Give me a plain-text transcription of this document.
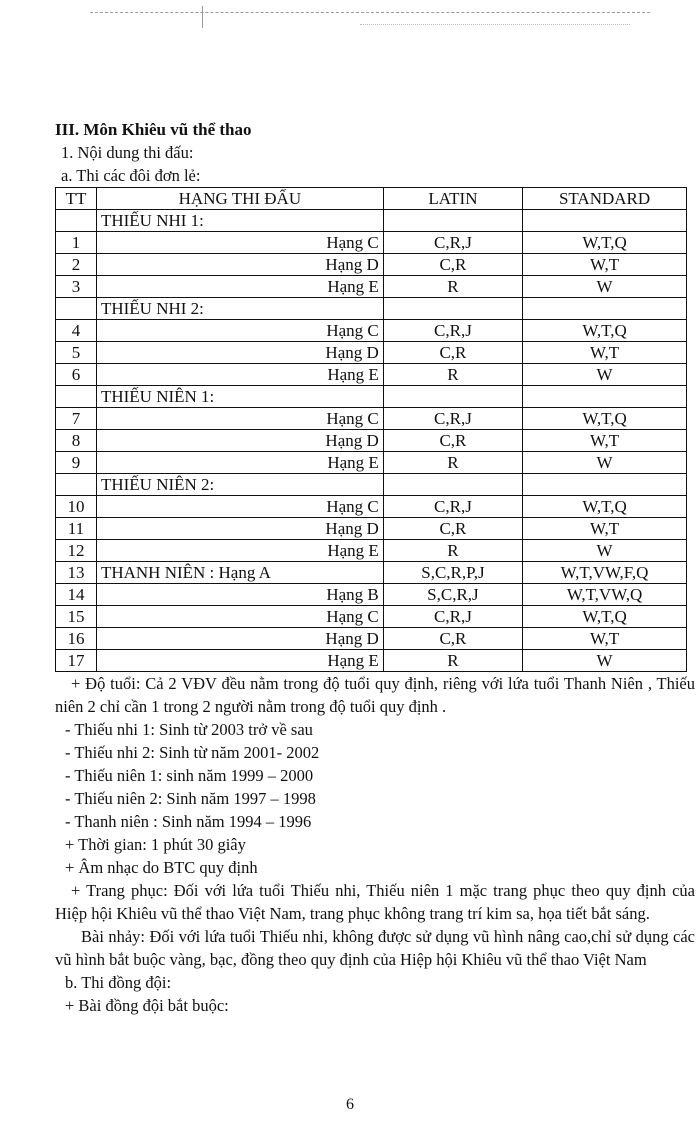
III. Môn Khiêu vũ thể thao
1. Nội dung thi đấu:
a. Thi các đôi đơn lẻ:
TT	HẠNG THI ĐẤU	LATIN	STANDARD
	THIẾU NHI 1:		
1	Hạng C	C,R,J	W,T,Q
2	Hạng D	C,R	W,T
3	Hạng E	R	W
	THIẾU NHI 2:		
4	Hạng C	C,R,J	W,T,Q
5	Hạng D	C,R	W,T
6	Hạng E	R	W
	THIẾU NIÊN 1:		
7	Hạng C	C,R,J	W,T,Q
8	Hạng D	C,R	W,T
9	Hạng E	R	W
	THIẾU NIÊN 2:		
10	Hạng C	C,R,J	W,T,Q
11	Hạng D	C,R	W,T
12	Hạng E	R	W
13	THANH NIÊN : Hạng A	S,C,R,P,J	W,T,VW,F,Q
14	Hạng B	S,C,R,J	W,T,VW,Q
15	Hạng C	C,R,J	W,T,Q
16	Hạng D	C,R	W,T
17	Hạng E	R	W

+ Độ tuổi: Cả 2 VĐV đều nằm trong độ tuổi quy định, riêng với lứa tuổi Thanh Niên , Thiếu niên 2 chỉ cần 1 trong 2 người nằm trong độ tuổi quy định .

- Thiếu nhi 1: Sinh từ 2003 trở về sau
- Thiếu nhi 2: Sinh từ năm 2001- 2002
- Thiếu niên 1: sinh năm 1999 – 2000
- Thiếu niên 2: Sinh năm 1997 – 1998
- Thanh niên : Sinh năm 1994 – 1996
+ Thời gian: 1 phút 30 giây
+ Âm nhạc do BTC quy định

+ Trang phục: Đối với lứa tuổi Thiếu nhi, Thiếu niên 1 mặc trang phục theo quy định của Hiệp hội Khiêu vũ thể thao Việt Nam, trang phục không trang trí kim sa, họa tiết bắt sáng.

Bài nhảy: Đối với lứa tuổi Thiếu nhi, không được sử dụng vũ hình nâng cao,chỉ sử dụng các vũ hình bắt buộc vàng, bạc, đồng theo quy định của Hiệp hội Khiêu vũ thể thao Việt Nam

b. Thi đồng đội:
+ Bài đồng đội bắt buộc:
6
